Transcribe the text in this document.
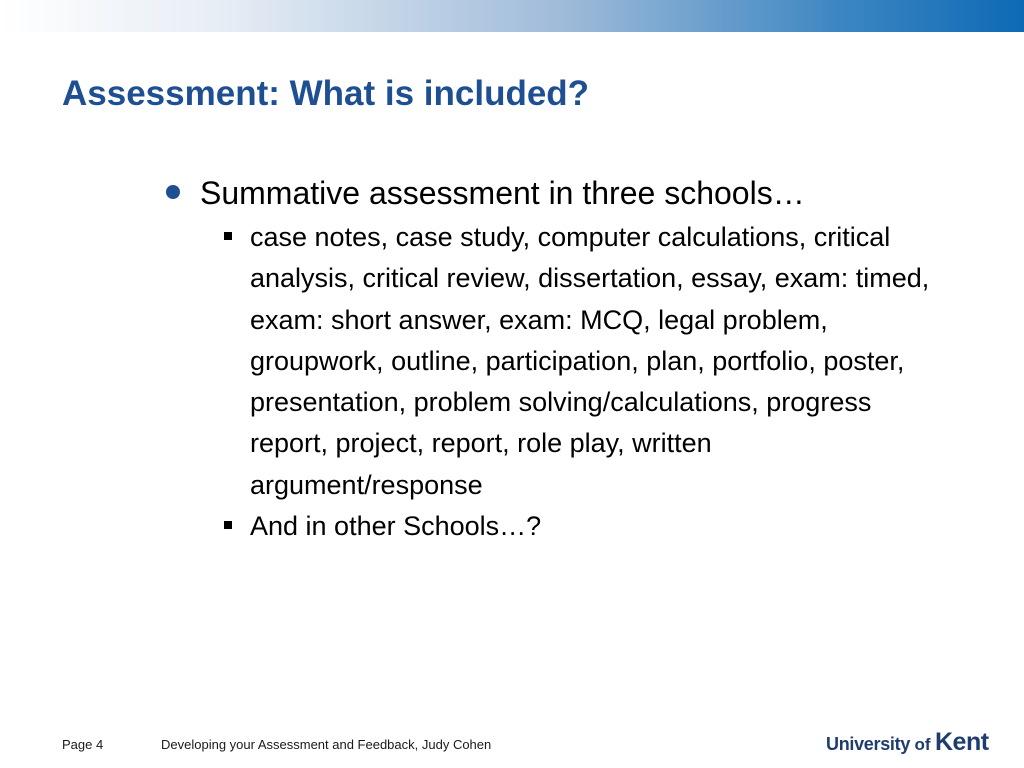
Assessment: What is included?
Summative assessment in three schools…
case notes, case study, computer calculations, critical analysis, critical review, dissertation, essay, exam: timed, exam: short answer, exam: MCQ, legal problem, groupwork, outline, participation, plan, portfolio, poster, presentation, problem solving/calculations, progress report, project, report, role play, written argument/response
And in other Schools…?
Page 4	Developing your Assessment and Feedback, Judy Cohen	University of Kent
